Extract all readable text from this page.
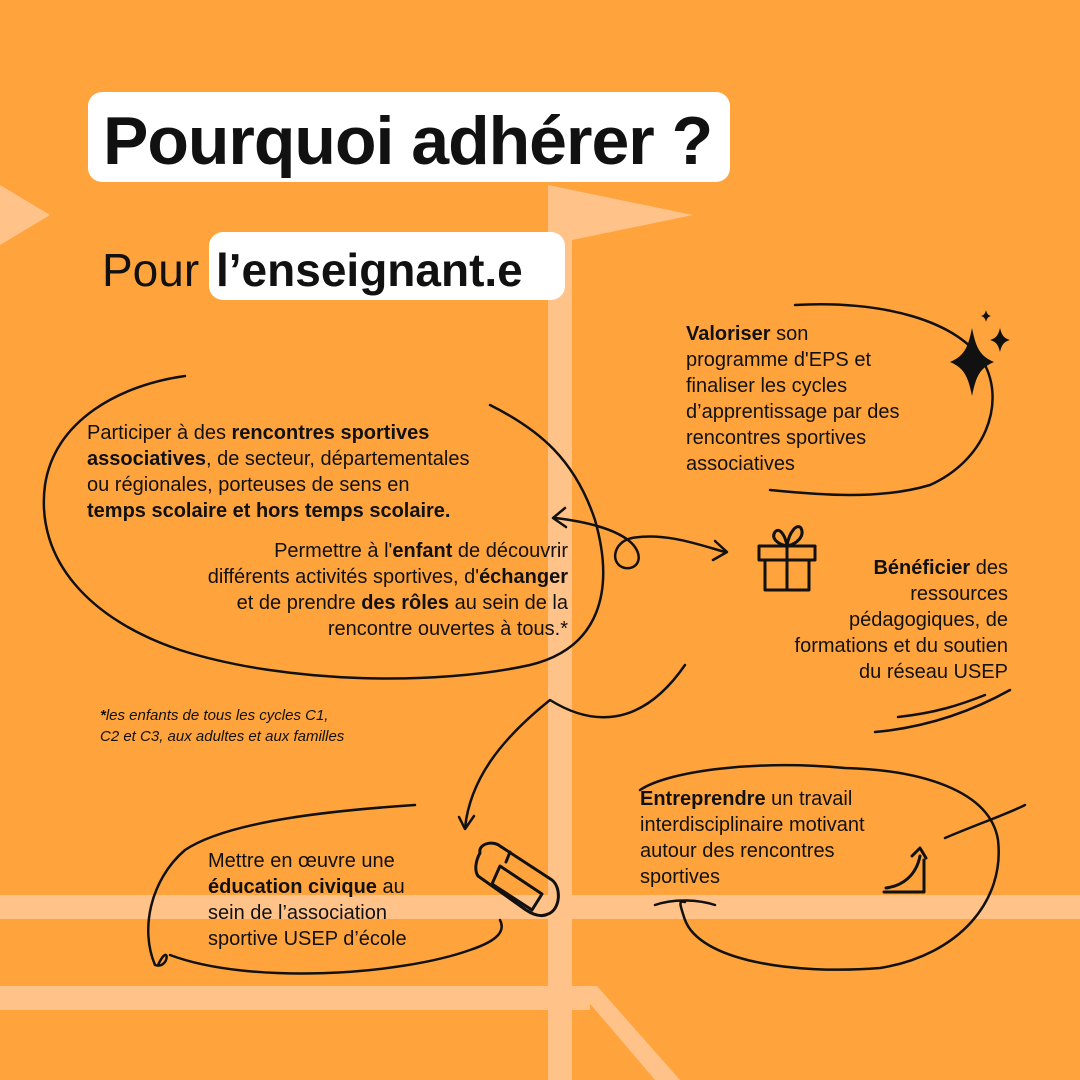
Pourquoi adhérer ?
Pour l’enseignant.e
Participer à des rencontres sportives
associatives, de secteur, départementales
ou régionales, porteuses de sens en
temps scolaire et hors temps scolaire.
Permettre à l'enfant de découvrir
différents activités sportives, d'échanger
et de prendre des rôles au sein de la
rencontre ouvertes à tous.*
*les enfants de tous les cycles C1,
C2 et C3, aux adultes et aux familles
Valoriser son
programme d'EPS et
finaliser les cycles
d’apprentissage par des
rencontres sportives
associatives
Bénéficier des
ressources
pédagogiques, de
formations et du soutien
du réseau USEP
Entreprendre un travail
interdisciplinaire motivant
autour des rencontres
sportives
Mettre en œuvre une
éducation civique au
sein de l’association
sportive USEP d’école
